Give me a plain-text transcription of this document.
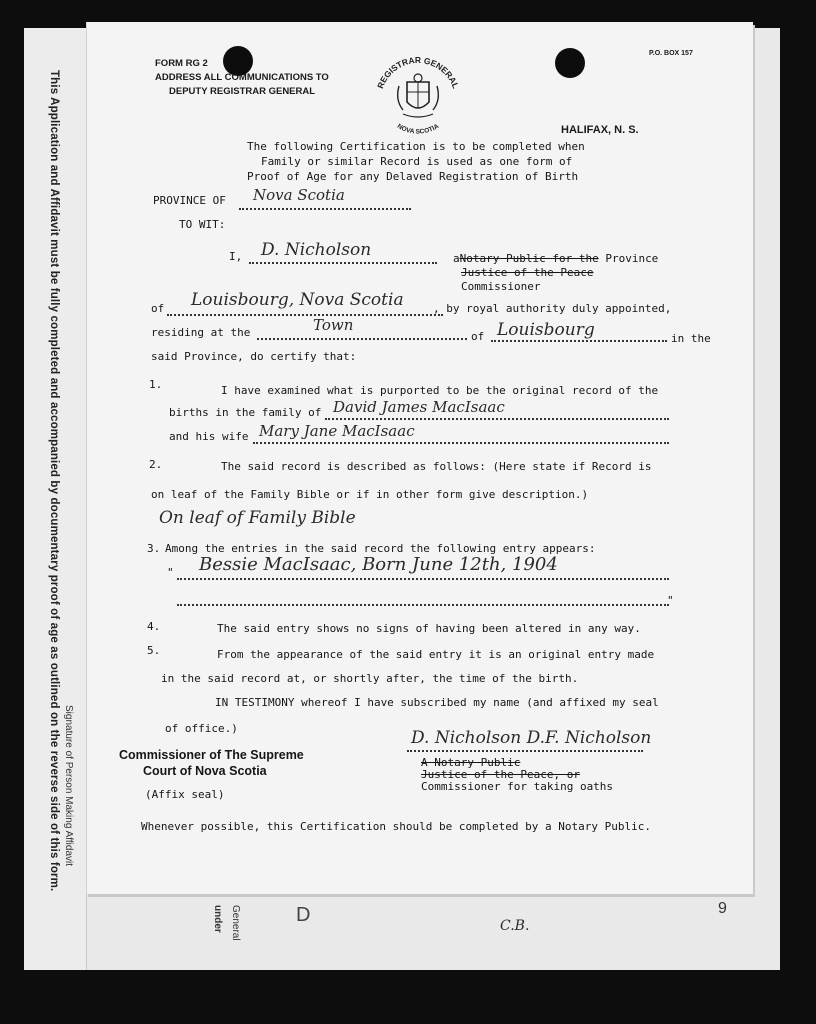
This Application and Affidavit must be fully completed and accompanied by documentary proof of age as outlined on the reverse side of this form. Signature of Person Making Affidavit
under General	D	C.B.
9
FORM RG 2
ADDRESS ALL COMMUNICATIONS TO
DEPUTY REGISTRAR GENERAL
P.O. BOX 157
HALIFAX, N. S.
REGISTRAR GENERAL
NOVA SCOTIA
The following Certification is to be completed when
Family or similar Record is used as one form of
Proof of Age for any Delaved Registration of Birth
PROVINCE OF Nova Scotia
TO WIT:
I, D. Nicholson	aNotary Public for the Province
Justice of the Peace
Commissioner
of Louisbourg, Nova Scotia	, by royal authority duly appointed,
residing at the	Town
of Louisbourg	in the
said Province, do certify that:
1.	I have examined what is purported to be the original record of the
births in the family of David James MacIsaac
and his wife Mary Jane MacIsaac
2.	The said record is described as follows: (Here state if Record is
on leaf of the Family Bible or if in other form give description.)
On leaf of Family Bible
3. Among the entries in the said record the following entry appears:
" Bessie MacIsaac, Born June 12th, 1904
"
4.	The said entry shows no signs of having been altered in any way.
5.	From the appearance of the said entry it is an original entry made
in the said record at, or shortly after, the time of the birth.
IN TESTIMONY whereof I have subscribed my name (and affixed my seal
of office.)
Commissioner of The Supreme
Court of Nova Scotia
(Affix seal)
D. Nicholson D.F. Nicholson
A Notary Public
Justice of the Peace, or
Commissioner for taking oaths
Whenever possible, this Certification should be completed by a Notary Public.
